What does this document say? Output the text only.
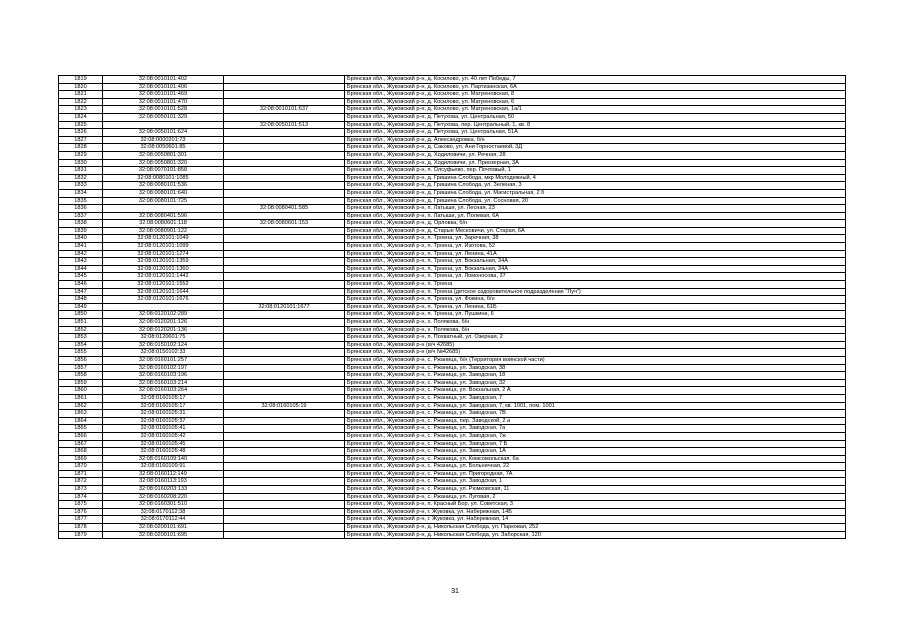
1819	32:08:0010101:402		Брянская обл., Жуковский р-н, д. Косилово, ул. 40 лет Победы, 7
1820	32:08:0010101:406		Брянская обл., Жуковский р-н, д. Косилово, ул. Партизанская, 6А
1821	32:08:0010101:469		Брянская обл., Жуковский р-н, д. Косилово, ул. Матреновская, 8
1822	32:08:0010101:470		Брянская обл., Жуковский р-н, д. Косилово, ул. Матреновская, 6
1823	32:08:0010101:528	32:08:0010101:637	Брянская обл., Жуковский р-н, д. Косилово, ул. Матреновская, 1а/1
1824	32:08:0050101:329		Брянская обл., Жуковский р-н, д. Петухова, ул. Центральная, 50
1825		32:08:0050101:513	Брянская обл., Жуковский р-н, д. Петухова, пер. Центральный, 1, кв. 8
1826	32:08:0050101:624		Брянская обл., Жуковский р-н, д. Петухова, ул. Центральная, 51А
1827	32:08:0000201:73		Брянская обл., Жуковский р-н, д. Александровка, б/н
1828	32:08:0050601:85		Брянская обл., Жуковский р-н, д. Саково, ул. Ани Горностаевой, 3Д
1829	32:08:0050801:301		Брянская обл., Жуковский р-н, д. Ходиловичи, ул. Речная, 28
1830	32:08:0050801:320		Брянская обл., Жуковский р-н, д. Ходиловичи, ул. Приозерная, 3А
1831	32:08:0070101:858		Брянская обл., Жуковский р-н, п. Олсуфьево, пер. Почтовый, 1
1832	32:08:0080101:1085		Брянская обл., Жуковский р-н, д. Гришина Слобода, мкр Молодежный, 4
1833	32:08:0080101:536		Брянская обл., Жуковский р-н, д. Гришина Слобода, ул. Зеленая, 3
1834	32:08:0080101:640		Брянская обл., Жуковский р-н, д. Гришина Слобода, ул. Магистральная, 2 б
1835	32:08:0080101:725		Брянская обл., Жуковский р-н, д. Гришина Слобода, ул. Сосновая, 20
1836		32:08:0080401:585	Брянская обл., Жуковский р-н, п. Латыши, ул. Лесная, 23
1837	32:08:0080401:596		Брянская обл., Жуковский р-н, п. Латыши, ул. Полевая, 6А
1838	32:08:0080601:118	32:08:0080601:153	Брянская обл., Жуковский р-н, д. Орловка, б/н
1839	32:08:0080901:122		Брянская обл., Жуковский р-н, д. Старые Месковичи, ул. Старая, 6А
1840	32:08:0120101:1049		Брянская обл., Жуковский р-н, п. Троена, ул. Заречная, 38
1841	32:08:0120101:1099		Брянская обл., Жуковский р-н, п. Троена, ул. Изотова, 52
1842	32:08:0120101:1274		Брянская обл., Жуковский р-н, п. Троена, ул. Ленина, 41А
1843	32:08:0120101:1359		Брянская обл., Жуковский р-н, п. Троена, ул. Вокзальная, 34А
1844	32:08:0120101:1360		Брянская обл., Жуковский р-н, п. Троена, ул. Вокзальная, 34А
1845	32:08:0120101:1442		Брянская обл., Жуковский р-н, п. Троена, ул. Ломоносова, 37
1846	32:08:0120101:1552		Брянская обл., Жуковский р-н, п. Троена
1847	32:08:0120101:1644		Брянская обл., Жуковский р-н, п. Троена (детское оздоровительное подразделение "Луч")
1848	32:08:0120101:1676		Брянская обл., Жуковский р-н, п. Троена, ул. Фокина, б/н
1849		32:08:0120101:1677	Брянская обл., Жуковский р-н, п. Троена, ул. Ленина, 61Б
1850	32:08:0120102:289		Брянская обл., Жуковский р-н, п. Троена, ул. Пушкина, 6
1851	32:08:0120201:126		Брянская обл., Жуковский р-н, х. Полякова, б/н
1852	32:08:0120201:136		Брянская обл., Жуковский р-н, х. Полякова, б/н
1853	32:08:0120601:75		Брянская обл., Жуковский р-н, п. Похватный, ул. Озерная, 2
1854	32:08:0150102:124		Брянская обл., Жуковский р-н (в/ч 42685)
1855	32:08:0150102:33		Брянская обл., Жуковский р-н (в/ч №42685)
1856	32:08:0160101:257		Брянская обл., Жуковский р-н, с. Ржаница, б/н (Территория воинской части)
1857	32:08:0160102:197		Брянская обл., Жуковский р-н, с. Ржаница, ул. Заводская, 38
1858	32:08:0160103:196		Брянская обл., Жуковский р-н, с. Ржаница, ул. Заводская, 18
1859	32:08:0160103:214		Брянская обл., Жуковский р-н, с. Ржаница, ул. Заводская, 32
1860	32:08:0160103:264		Брянская обл., Жуковский р-н, с. Ржаница, ул. Вокзальная, 2 А
1861	32:08:0160105:17		Брянская обл., Жуковский р-н, с. Ржаница, ул. Заводская, 7
1862	32:08:0160105:17	32:08:0160105:19	Брянская обл., Жуковский р-н, с. Ржаница, ул. Заводская, 7, кв. 1001, пом. 1001
1863	32:08:0160105:31		Брянская обл., Жуковский р-н, с. Ржаница, ул. Заводская, 7В
1864	32:08:0160105:37		Брянская обл., Жуковский р-н, с. Ржаница, пер. Заводской, 2 а
1865	32:08:0160105:41		Брянская обл., Жуковский р-н, с. Ржаница, ул. Заводская, 7а
1866	32:08:0160105:42		Брянская обл., Жуковский р-н, с. Ржаница, ул. Заводская, 7ж
1867	32:08:0160105:45		Брянская обл., Жуковский р-н, с. Ржаница, ул. Заводская, 7 Б
1868	32:08:0160105:48		Брянская обл., Жуковский р-н, с. Ржаница, ул. Заводская, 1А
1869	32:08:0160109:140		Брянская обл., Жуковский р-н, с. Ржаница, ул. Комсомольская, 6а
1870	32:08:0160109:91		Брянская обл., Жуковский р-н, с. Ржаница, ул. Больничная, 22
1871	32:08:0160112:149		Брянская обл., Жуковский р-н, с. Ржаница, ул. Пригородная, 7А
1872	32:08:0160113:193		Брянская обл., Жуковский р-н, с. Ржаница, ул. Заводская, 1
1873	32:08:0160203:133		Брянская обл., Жуковский р-н, с. Ржаница, ул. Рюмковская, 11
1874	32:08:0160208:220		Брянская обл., Жуковский р-н, с. Ржаница, ул. Луговая, 2
1875	32:08:0160301:510		Брянская обл., Жуковский р-н, п. Красный Бор, ул. Советская, 3
1876	32:08:0170112:38		Брянская обл., Жуковский р-н, г. Жуковка, ул. Набережная, 14Б
1877	32:08:0170112:44		Брянская обл., Жуковский р-н, г. Жуковка, ул. Набережная, 14
1878	32:08:0200101:691		Брянская обл., Жуковский р-н, д. Никольская Слобода, ул. Парковая, 252
1879	32:08:0200101:695		Брянская обл., Жуковский р-н, д. Никольская Слобода, ул. Заборская, 120
31
